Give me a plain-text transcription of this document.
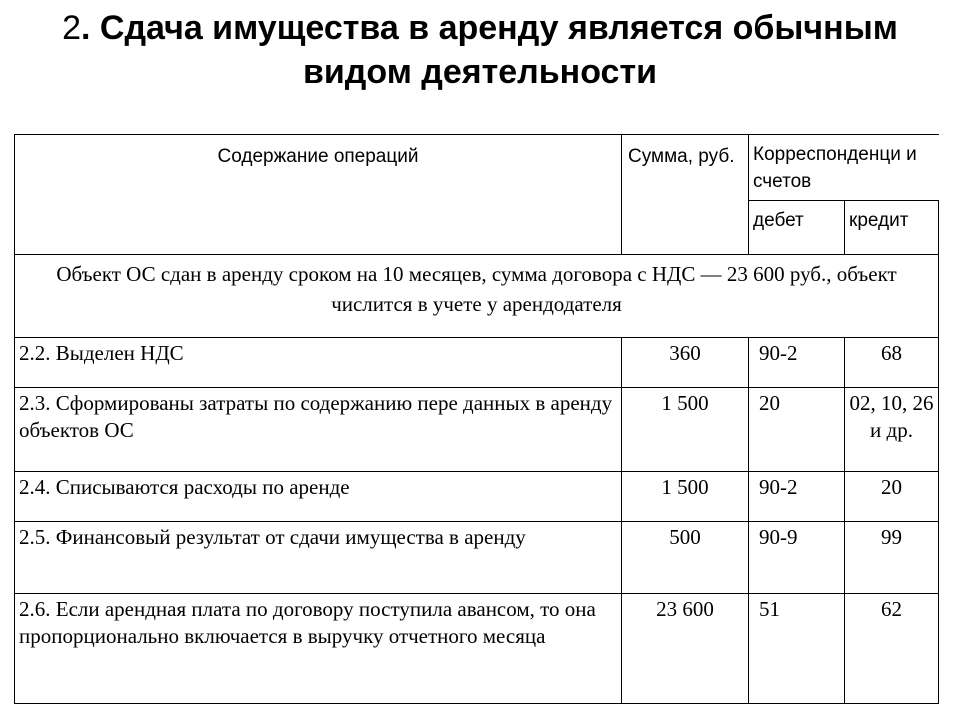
2. Сдача имущества в аренду является обычным
видом деятельности
Содержание операций	Сумма, руб.	Корреспонденци и счетов	
		дебет	кредит
Объект ОС сдан в аренду сроком на 10 месяцев, сумма договора с НДС — 23 600 руб., объект числится в учете у арендодателя			
2.2. Выделен НДС	360	90-2	68
2.3. Сформированы затраты по содержанию пере данных в аренду объектов ОС	1 500	20	02, 10, 26 и др.
2.4. Списываются расходы по аренде	1 500	90-2	20
2.5. Финансовый результат от сдачи имущества в аренду	500	90-9	99
2.6. Если арендная плата по договору поступила авансом, то она пропорционально включается в выручку отчетного месяца	23 600	51	62
